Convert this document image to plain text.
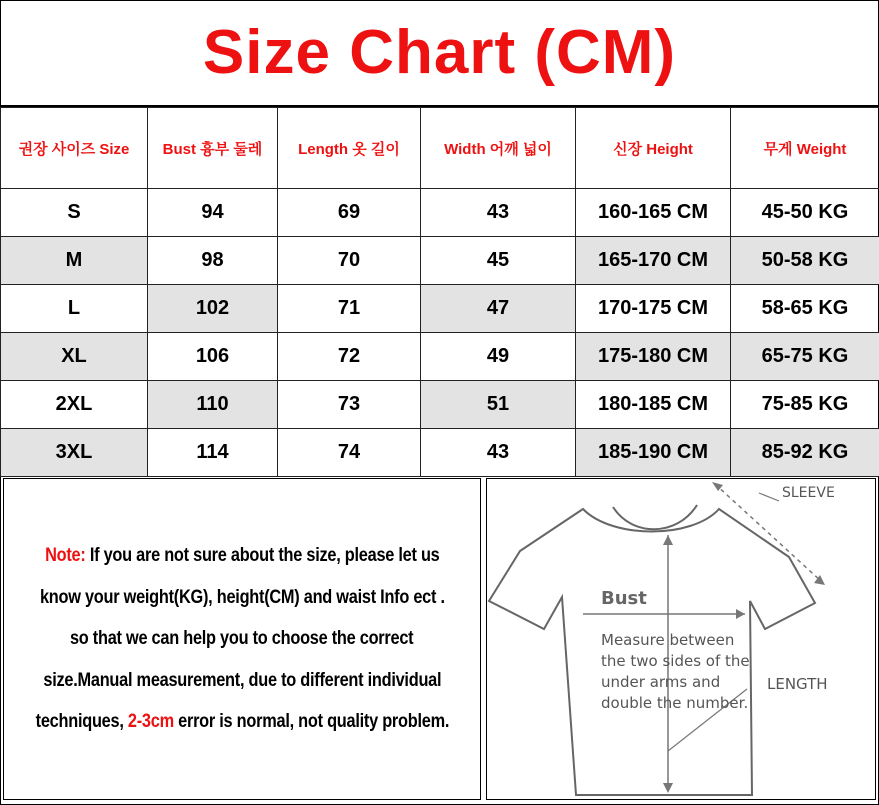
Size Chart (CM)
권장 사이즈 Size	Bust 흉부 둘레	Length 옷 길이	Width 어깨 넓이	신장 Height	무게 Weight
S	94	69	43	160-165 CM	45-50 KG
M	98	70	45	165-170 CM	50-58 KG
L	102	71	47	170-175 CM	58-65 KG
XL	106	72	49	175-180 CM	65-75 KG
2XL	110	73	51	180-185 CM	75-85 KG
3XL	114	74	43	185-190 CM	85-92 KG
Note: If you are not sure about the size, please let us
know your weight(KG), height(CM) and waist Info ect .
so that we can help you to choose the correct
size.Manual measurement, due to different individual
techniques, 2-3cm error is normal, not quality problem.
SLEEVE
Bust
LENGTH
Measure between the two sides of the under arms and double the number.
